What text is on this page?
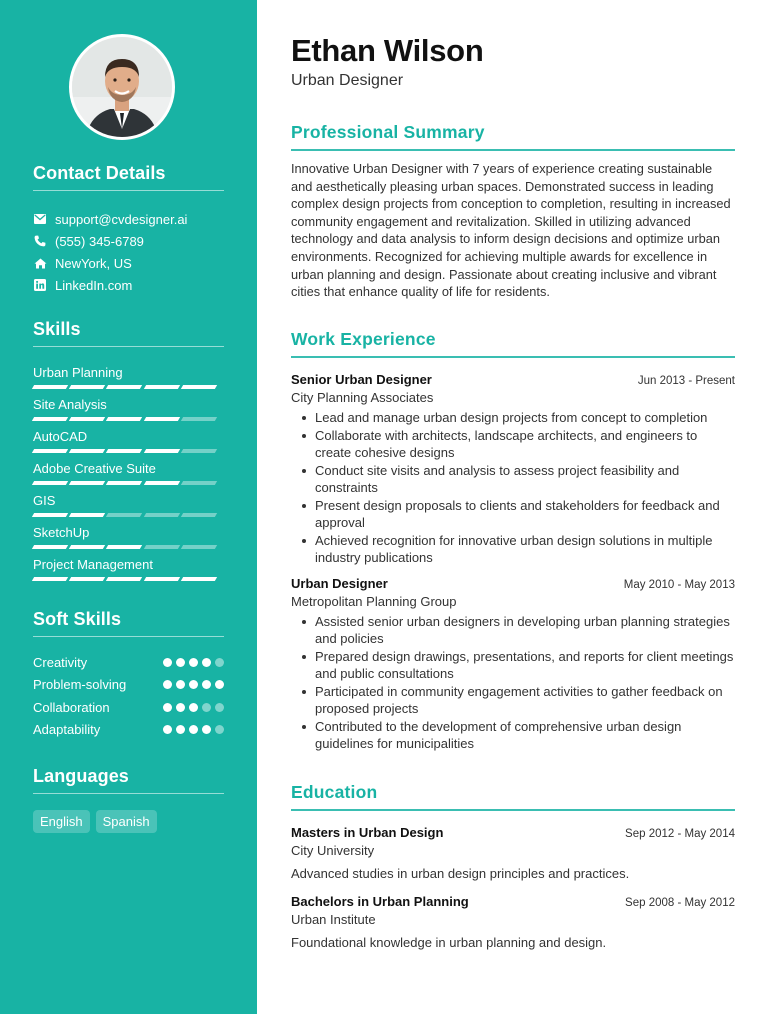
Contact Details
support@cvdesigner.ai
(555) 345-6789
NewYork, US
LinkedIn.com
Skills
Urban Planning
Site Analysis
AutoCAD
Adobe Creative Suite
GIS
SketchUp
Project Management
Soft Skills
Creativity
Problem-solving
Collaboration
Adaptability
Languages
English	Spanish
Ethan Wilson
Urban Designer
Professional Summary
Innovative Urban Designer with 7 years of experience creating sustainable and aesthetically pleasing urban spaces. Demonstrated success in leading complex design projects from conception to completion, resulting in increased community engagement and revitalization. Skilled in utilizing advanced technology and data analysis to inform design decisions and optimize urban environments. Recognized for achieving multiple awards for excellence in urban planning and design. Passionate about creating inclusive and vibrant cities that enhance quality of life for residents.
Work Experience
Senior Urban Designer	Jun 2013 - Present
City Planning Associates
Lead and manage urban design projects from concept to completion
Collaborate with architects, landscape architects, and engineers to create cohesive designs
Conduct site visits and analysis to assess project feasibility and constraints
Present design proposals to clients and stakeholders for feedback and approval
Achieved recognition for innovative urban design solutions in multiple industry publications
Urban Designer	May 2010 - May 2013
Metropolitan Planning Group
Assisted senior urban designers in developing urban planning strategies and policies
Prepared design drawings, presentations, and reports for client meetings and public consultations
Participated in community engagement activities to gather feedback on proposed projects
Contributed to the development of comprehensive urban design guidelines for municipalities
Education
Masters in Urban Design	Sep 2012 - May 2014
City University
Advanced studies in urban design principles and practices.
Bachelors in Urban Planning	Sep 2008 - May 2012
Urban Institute
Foundational knowledge in urban planning and design.
